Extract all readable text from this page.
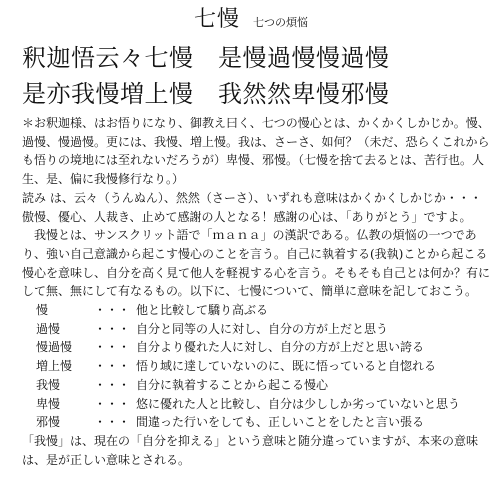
七慢 七つの煩悩
釈迦悟云々七慢　是慢過慢慢過慢
是亦我慢増上慢　我然然卑慢邪慢

＊お釈迦様、はお悟りになり、御教え曰く、七つの慢心とは、かくかくしかじか。慢、過慢、慢過慢。更には、我慢、増上慢。我は、さーさ、如何？（未だ、恐らくこれからも悟りの境地には至れないだろうが）卑慢、邪慢。（七慢を捨て去るとは、苦行也。人生、是、偏に我慢修行なり。）

読み は、云々（うんぬん）、然然（さーさ）、いずれも意味はかくかくしかじか・・・

傲慢、優心、人裁き、止めて感謝の人となる！感謝の心は、「ありがとう」ですよ。

我慢とは、サンスクリット語で「ｍａｎａ」の漢訳である。仏教の煩悩の一つであり、強い自己意識から起こす慢心のことを言う。自己に執着する(我執)ことから起こる慢心を意味し、自分を高く見て他人を軽視する心を言う。そもそも自己とは何か？有にして無、無にして有なるもの。以下に、七慢について、簡単に意味を記しておこう。

慢	・・・ 他と比較して驕り高ぶる
過慢	・・・ 自分と同等の人に対し、自分の方が上だと思う
慢過慢	・・・ 自分より優れた人に対し、自分の方が上だと思い誇る
増上慢	・・・ 悟り域に達していないのに、既に悟っていると自惚れる
我慢	・・・ 自分に執着することから起こる慢心
卑慢	・・・ 悠に優れた人と比較し、自分は少ししか劣っていないと思う
邪慢	・・・ 間違った行いをしても、正しいことをしたと言い張る

「我慢」は、現在の「自分を抑える」という意味と随分違っていますが、本来の意味は、是が正しい意味とされる。
